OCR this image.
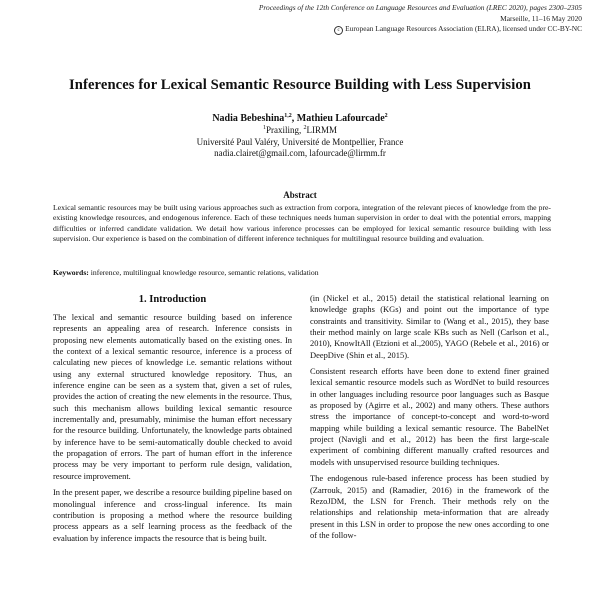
Proceedings of the 12th Conference on Language Resources and Evaluation (LREC 2020), pages 2300–2305
Marseille, 11–16 May 2020
c European Language Resources Association (ELRA), licensed under CC-BY-NC
Inferences for Lexical Semantic Resource Building with Less Supervision
Nadia Bebeshina$^{1,2}$, Mathieu Lafourcade$^2$
$^1$Praxiling, $^2$LIRMM
Université Paul Valéry, Université de Montpellier, France
nadia.clairet@gmail.com, lafourcade@lirmm.fr
Abstract

Lexical semantic resources may be built using various approaches such as extraction from corpora, integration of the relevant pieces of knowledge from the pre-existing knowledge resources, and endogenous inference. Each of these techniques needs human supervision in order to deal with the potential errors, mapping difficulties or inferred candidate validation. We detail how various inference processes can be employed for lexical semantic resource building with less supervision. Our experience is based on the combination of different inference techniques for multilingual resource building and evaluation.

Keywords: inference, multilingual knowledge resource, semantic relations, validation

1. Introduction

The lexical and semantic resource building based on inference represents an appealing area of research. Inference consists in proposing new elements automatically based on the existing ones. In the context of a lexical semantic resource, inference is a process of calculating new pieces of knowledge i.e. semantic relations without using any external structured knowledge repository. Thus, an inference engine can be seen as a system that, given a set of rules, provides the action of creating the new elements in the resource. Thus, such this mechanism allows building lexical semantic resource incrementally and, presumably, minimise the human effort necessary for the resource building. Unfortunately, the knowledge parts obtained by inference have to be semi-automatically double checked to avoid the propagation of errors. The part of human effort in the inference process may be very important to perform rule design, validation, resource improvement.

In the present paper, we describe a resource building pipeline based on monolingual inference and cross-lingual inference. Its main contribution is proposing a method where the resource building process appears as a self learning process as the feedback of the evaluation by inference impacts the resource that is being built.

(in (Nickel et al., 2015) detail the statistical relational learning on knowledge graphs (KGs) and point out the importance of type constraints and transitivity. Similar to (Wang et al., 2015), they base their method mainly on large scale KBs such as Nell (Carlson et al., 2010), KnowItAll (Etzioni et al.,2005), YAGO (Rebele et al., 2016) or DeepDive (Shin et al., 2015).

Consistent research efforts have been done to extend finer grained lexical semantic resource models such as WordNet to build resources in other languages including resource poor languages such as Basque as proposed by (Agirre et al., 2002) and many others. These authors stress the importance of concept-to-concept and word-to-word mapping while building a lexical semantic resource. The BabelNet project (Navigli and et al., 2012) has been the first large-scale experiment of combining different manually crafted resources and models with unsupervised resource building techniques.

The endogenous rule-based inference process has been studied by (Zarrouk, 2015) and (Ramadier, 2016) in the framework of the RezoJDM, the LSN for French. Their methods rely on the relationships and relationship meta-information that are already present in this LSN in order to propose the new ones according to one of the follow-
